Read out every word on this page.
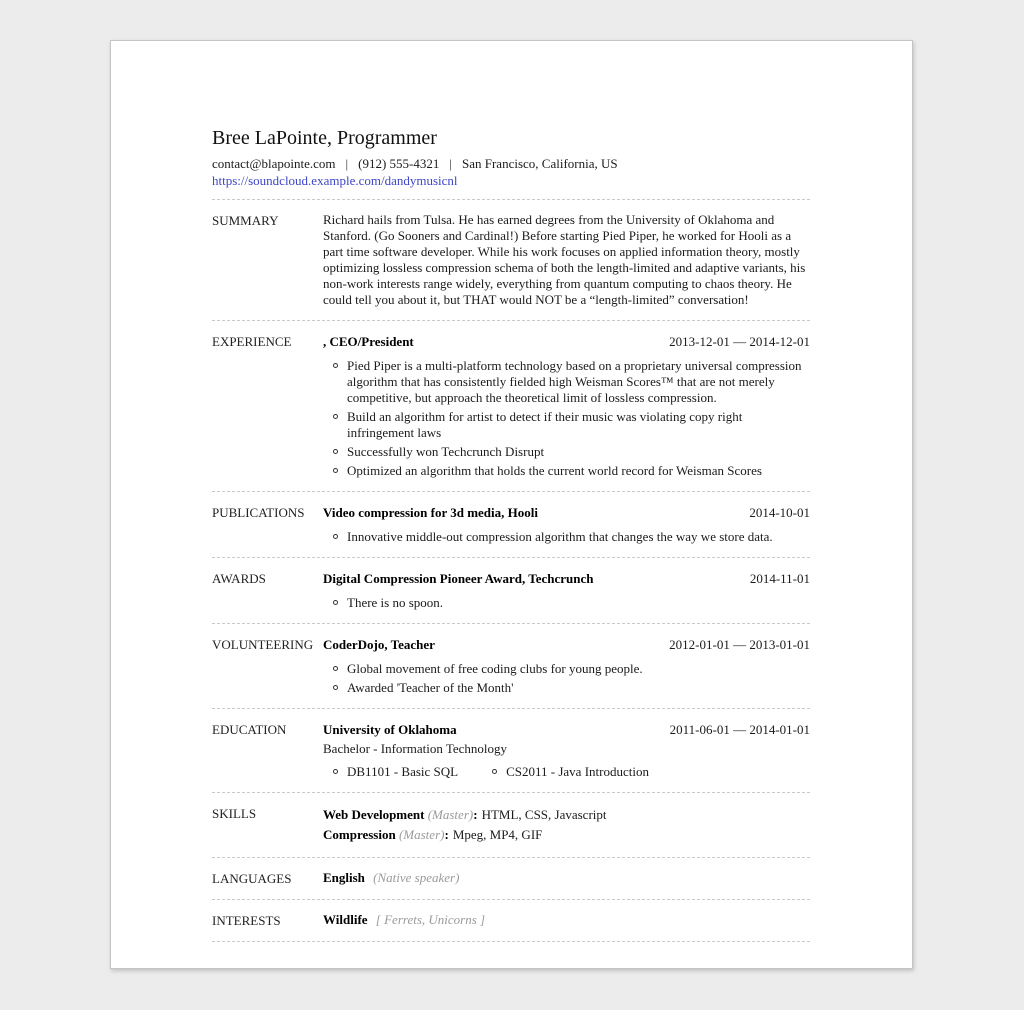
Bree LaPointe, Programmer
contact@blapointe.com | (912) 555-4321 | San Francisco, California, US
https://soundcloud.example.com/dandymusicnl
SUMMARY	Richard hails from Tulsa. He has earned degrees from the University of Oklahoma and Stanford. (Go Sooners and Cardinal!) Before starting Pied Piper, he worked for Hooli as a part time software developer. While his work focuses on applied information theory, mostly optimizing lossless compression schema of both the length-limited and adaptive variants, his non-work interests range widely, everything from quantum computing to chaos theory. He could tell you about it, but THAT would NOT be a “length-limited” conversation!
EXPERIENCE	, CEO/President	2013-12-01 — 2014-12-01
Pied Piper is a multi-platform technology based on a proprietary universal compression algorithm that has consistently fielded high Weisman Scores™ that are not merely competitive, but approach the theoretical limit of lossless compression.
Build an algorithm for artist to detect if their music was violating copy right infringement laws
Successfully won Techcrunch Disrupt
Optimized an algorithm that holds the current world record for Weisman Scores
PUBLICATIONS	Video compression for 3d media, Hooli	2014-10-01
Innovative middle-out compression algorithm that changes the way we store data.
AWARDS	Digital Compression Pioneer Award, Techcrunch	2014-11-01
There is no spoon.
VOLUNTEERING CoderDojo, Teacher	2012-01-01 — 2013-01-01
Global movement of free coding clubs for young people.
Awarded 'Teacher of the Month'
EDUCATION	University of Oklahoma	2011-06-01 — 2014-01-01
Bachelor - Information Technology
DB1101 - Basic SQL	CS2011 - Java Introduction
SKILLS	Web Development (Master): HTML, CSS, Javascript
Compression (Master): Mpeg, MP4, GIF
LANGUAGES	English (Native speaker)
INTERESTS	Wildlife [ Ferrets, Unicorns ]
